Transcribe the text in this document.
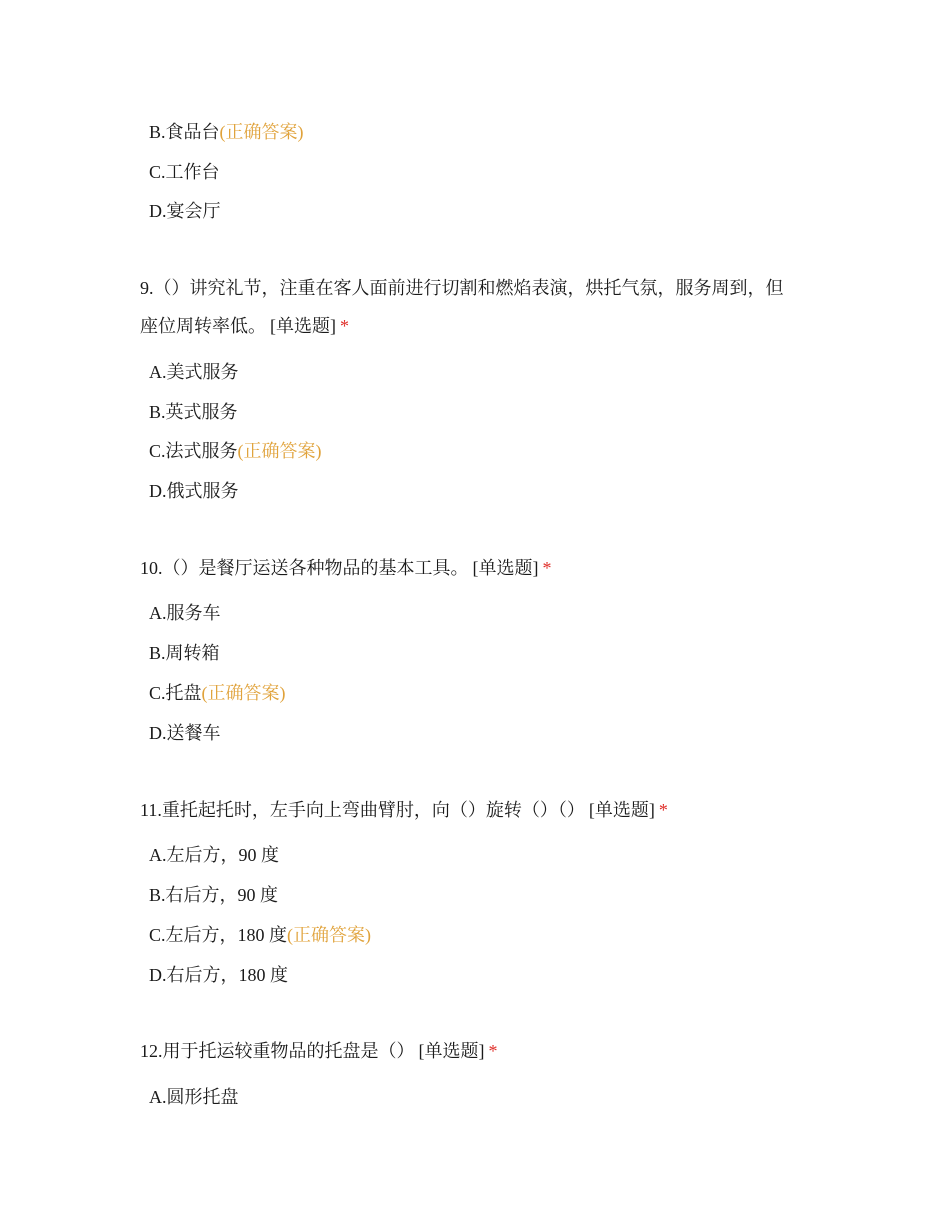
B.食品台(正确答案)
C.工作台
D.宴会厅
9.（）讲究礼节，注重在客人面前进行切割和燃焰表演，烘托气氛，服务周到，但
座位周转率低。 [单选题] *
A.美式服务
B.英式服务
C.法式服务(正确答案)
D.俄式服务
10.（）是餐厅运送各种物品的基本工具。 [单选题] *
A.服务车
B.周转箱
C.托盘(正确答案)
D.送餐车
11.重托起托时，左手向上弯曲臂肘，向（）旋转（）（） [单选题] *
A.左后方，90 度
B.右后方，90 度
C.左后方，180 度(正确答案)
D.右后方，180 度
12.用于托运较重物品的托盘是（） [单选题] *
A.圆形托盘
